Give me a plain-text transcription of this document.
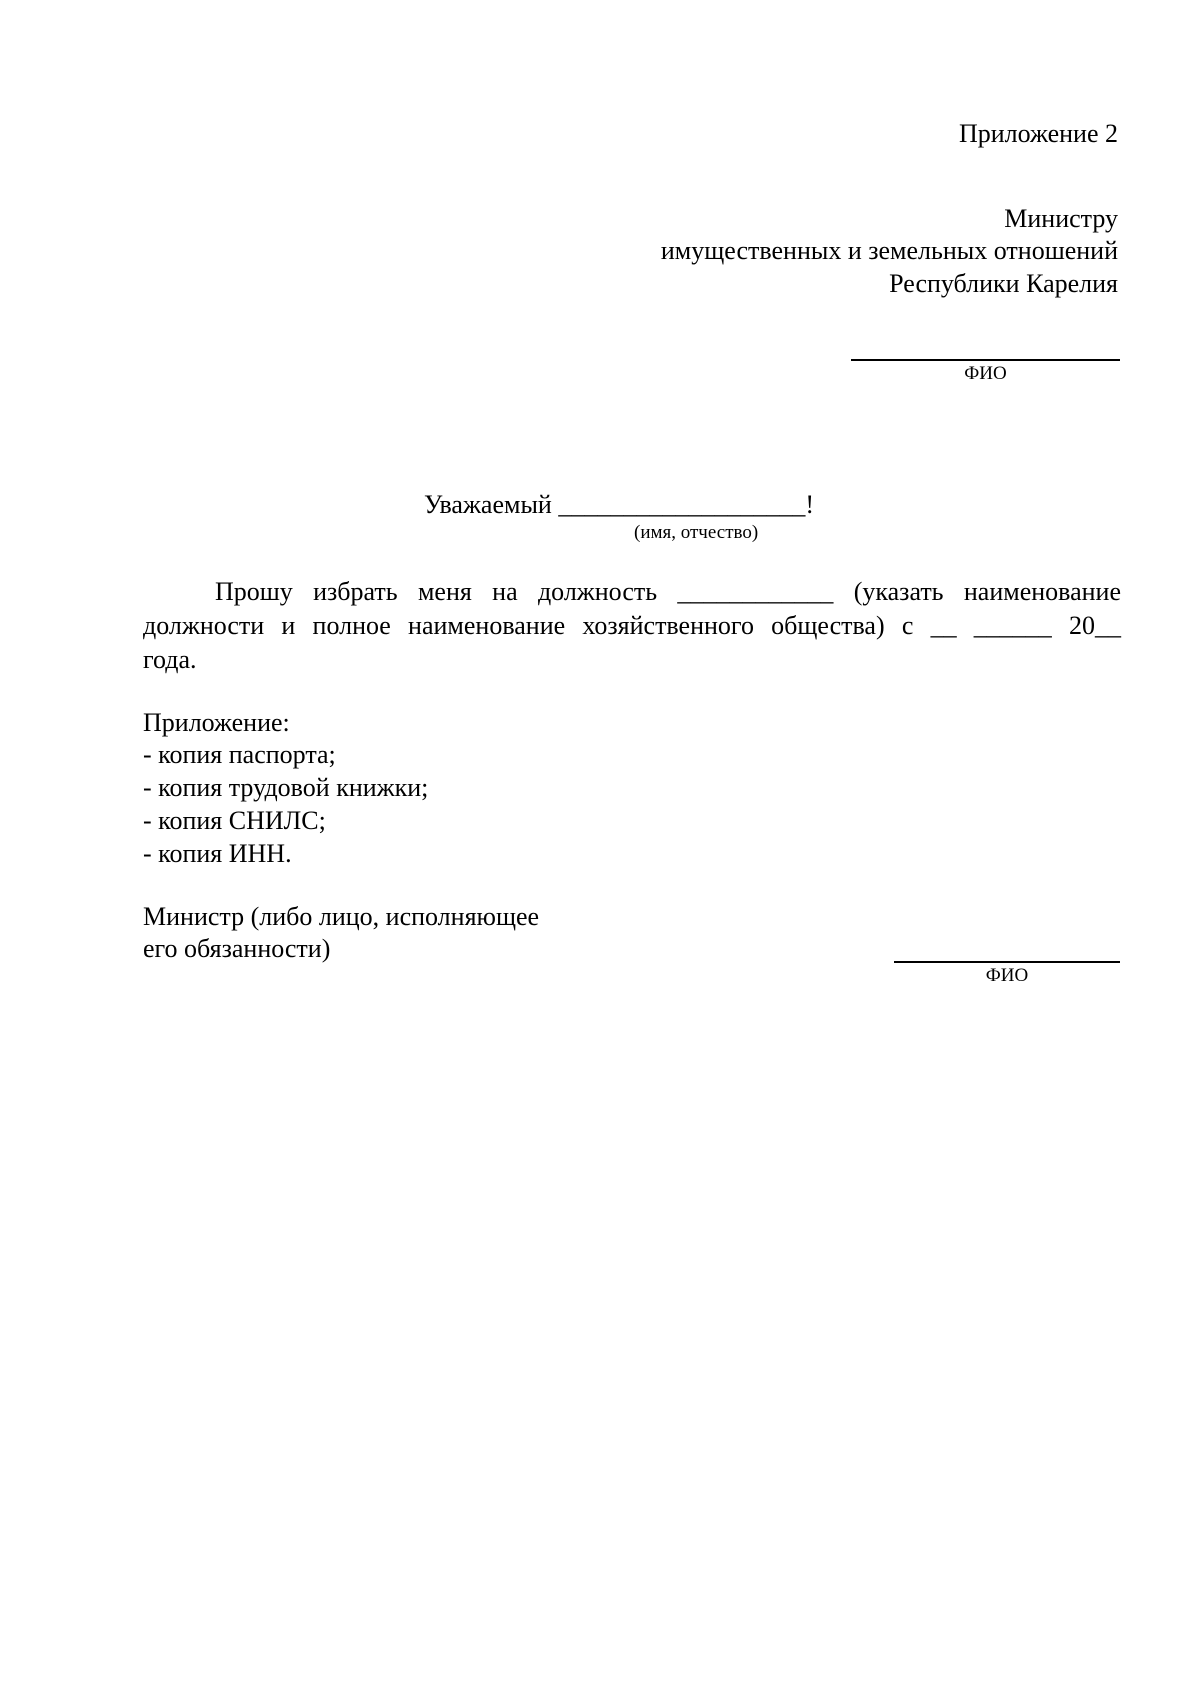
Приложение 2
Министру
имущественных и земельных отношений
Республики Карелия
ФИО
Уважаемый ___________________!
(имя, отчество)
Прошу избрать меня на должность ____________ (указать наименование
должности и полное наименование хозяйственного общества) с __ ______ 20__
года.
Приложение:
- копия паспорта;
- копия трудовой книжки;
- копия СНИЛС;
- копия ИНН.
Министр (либо лицо, исполняющее
его обязанности)
ФИО
